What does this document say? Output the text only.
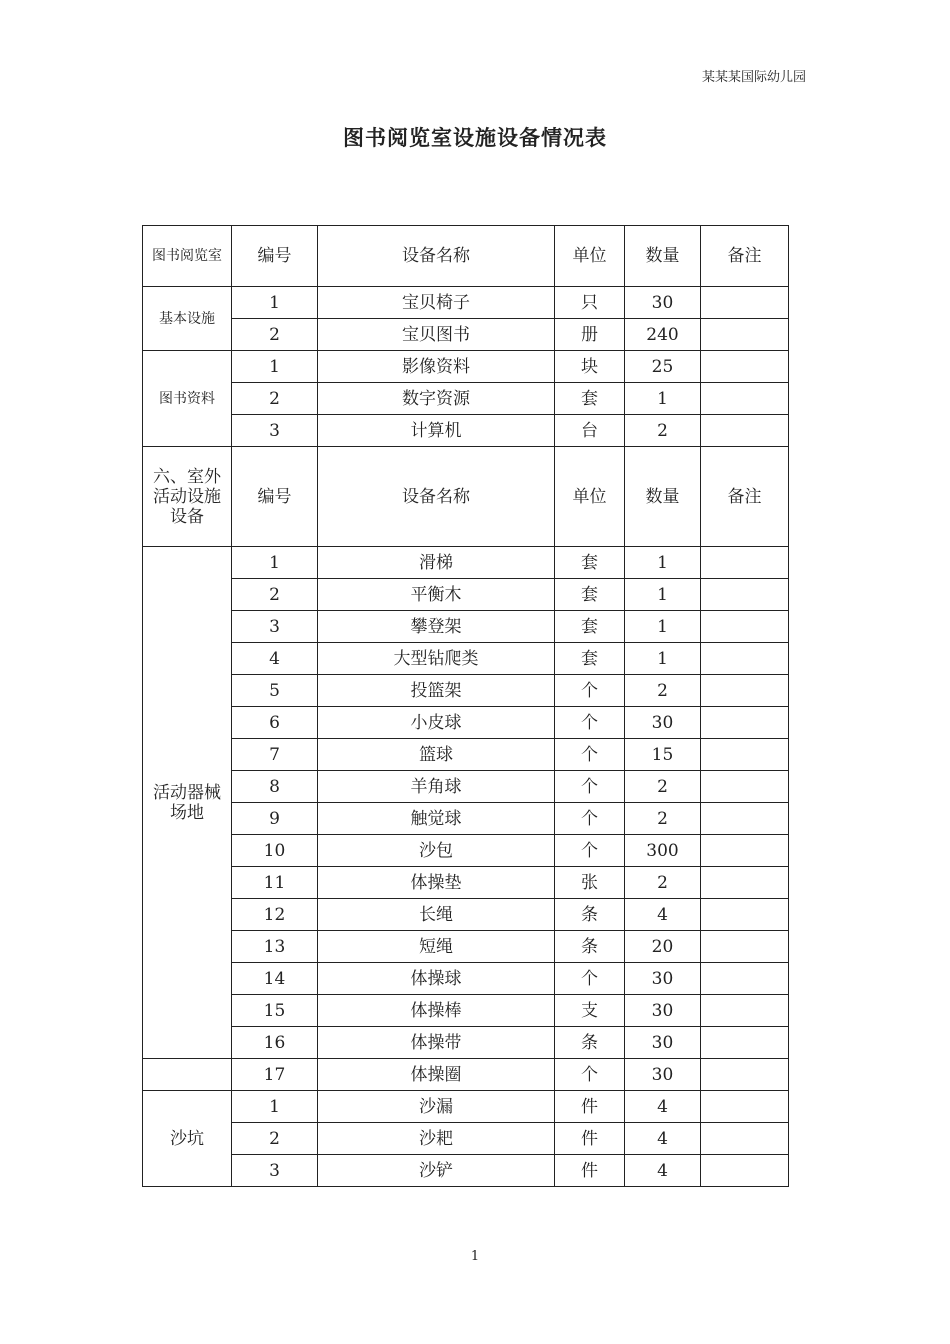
某某某国际幼儿园
图书阅览室设施设备情况表
图书阅览室	编号	设备名称	单位	数量	备注
基本设施	1	宝贝椅子	只	30	
	2	宝贝图书	册	240	
图书资料	1	影像资料	块	25	
	2	数字资源	套	1	
	3	计算机	台	2	
六、室外活动设施设备	编号	设备名称	单位	数量	备注
活动器械场地	1	滑梯	套	1	
	2	平衡木	套	1	
	3	攀登架	套	1	
	4	大型钻爬类	套	1	
	5	投篮架	个	2	
	6	小皮球	个	30	
	7	篮球	个	15	
	8	羊角球	个	2	
	9	触觉球	个	2	
	10	沙包	个	300	
	11	体操垫	张	2	
	12	长绳	条	4	
	13	短绳	条	20	
	14	体操球	个	30	
	15	体操棒	支	30	
	16	体操带	条	30	
	17	体操圈	个	30	
沙坑	1	沙漏	件	4	
	2	沙耙	件	4	
	3	沙铲	件	4	
1
